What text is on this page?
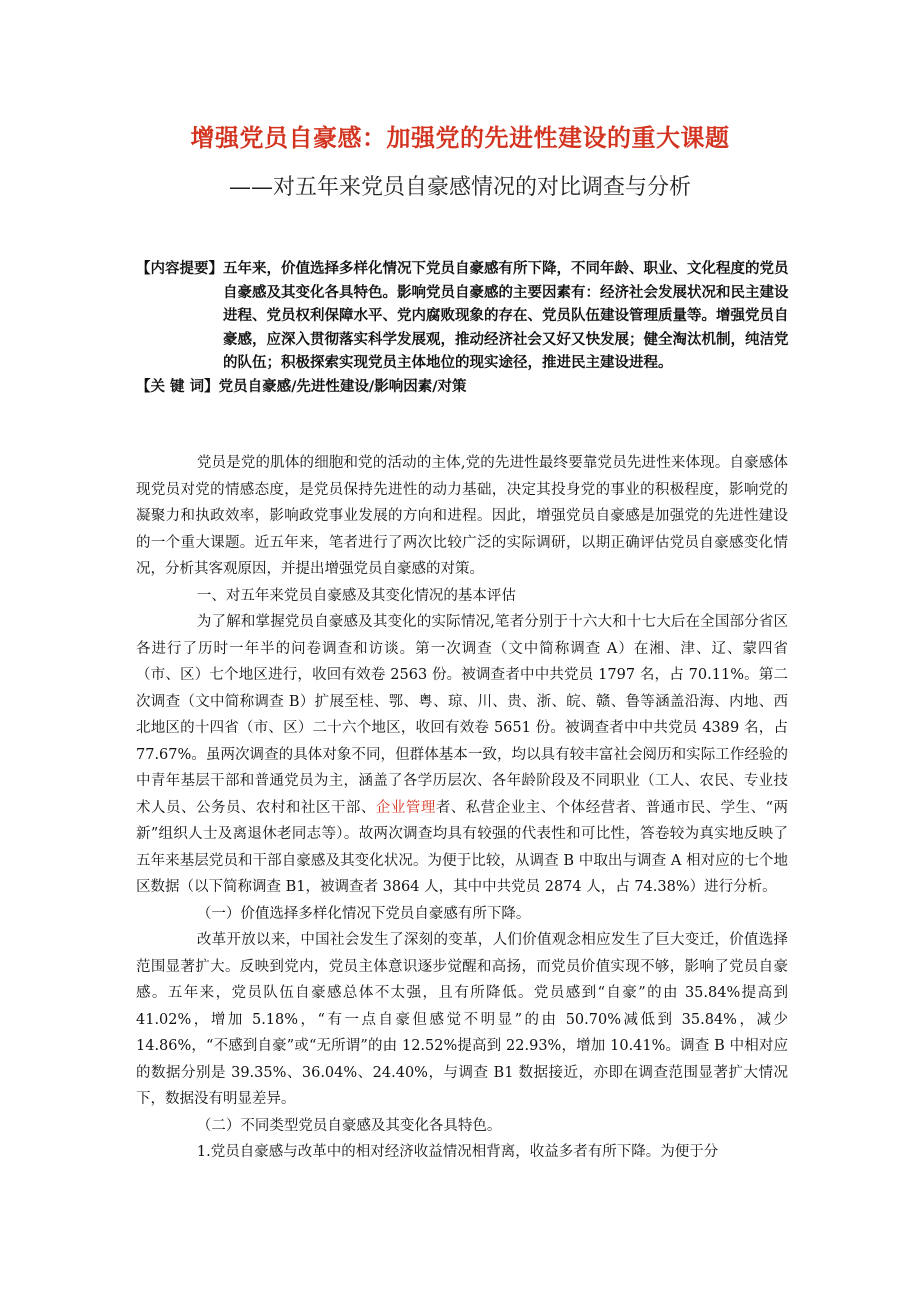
增强党员自豪感：加强党的先进性建设的重大课题
——对五年来党员自豪感情况的对比调查与分析
【内容提要】 五年来，价值选择多样化情况下党员自豪感有所下降，不同年龄、职业、文化程度的党员自豪感及其变化各具特色。影响党员自豪感的主要因素有：经济社会发展状况和民主建设进程、党员权利保障水平、党内腐败现象的存在、党员队伍建设管理质量等。增强党员自豪感，应深入贯彻落实科学发展观，推动经济社会又好又快发展；健全淘汰机制，纯洁党的队伍；积极探索实现党员主体地位的现实途径，推进民主建设进程。
【关 键 词】 党员自豪感/先进性建设/影响因素/对策

党员是党的肌体的细胞和党的活动的主体,党的先进性最终要靠党员先进性来体现。自豪感体现党员对党的情感态度，是党员保持先进性的动力基础，决定其投身党的事业的积极程度，影响党的凝聚力和执政效率，影响政党事业发展的方向和进程。因此，增强党员自豪感是加强党的先进性建设的一个重大课题。近五年来，笔者进行了两次比较广泛的实际调研，以期正确评估党员自豪感变化情况，分析其客观原因，并提出增强党员自豪感的对策。

一、对五年来党员自豪感及其变化情况的基本评估

为了解和掌握党员自豪感及其变化的实际情况,笔者分别于十六大和十七大后在全国部分省区各进行了历时一年半的问卷调查和访谈。第一次调查（文中简称调查 A）在湘、津、辽、蒙四省（市、区）七个地区进行，收回有效卷 2563 份。被调查者中中共党员 1797 名，占 70.11%。第二次调查（文中简称调查 B）扩展至桂、鄂、粤、琼、川、贵、浙、皖、赣、鲁等涵盖沿海、内地、西北地区的十四省（市、区）二十六个地区，收回有效卷 5651 份。被调查者中中共党员 4389 名，占 77.67%。虽两次调查的具体对象不同，但群体基本一致，均以具有较丰富社会阅历和实际工作经验的中青年基层干部和普通党员为主，涵盖了各学历层次、各年龄阶段及不同职业（工人、农民、专业技术人员、公务员、农村和社区干部、企业管理者、私营企业主、个体经营者、普通市民、学生、“两新”组织人士及离退休老同志等）。故两次调查均具有较强的代表性和可比性，答卷较为真实地反映了五年来基层党员和干部自豪感及其变化状况。为便于比较，从调查 B 中取出与调查 A 相对应的七个地区数据（以下简称调查 B1，被调查者 3864 人，其中中共党员 2874 人，占 74.38%）进行分析。

（一）价值选择多样化情况下党员自豪感有所下降。

改革开放以来，中国社会发生了深刻的变革，人们价值观念相应发生了巨大变迁，价值选择范围显著扩大。反映到党内，党员主体意识逐步觉醒和高扬，而党员价值实现不够，影响了党员自豪感。五年来，党员队伍自豪感总体不太强，且有所降低。党员感到“自豪”的由 35.84%提高到 41.02%，增加 5.18%，“有一点自豪但感觉不明显”的由 50.70%减低到 35.84%，减少 14.86%，“不感到自豪”或“无所谓”的由 12.52%提高到 22.93%，增加 10.41%。调查 B 中相对应的数据分别是 39.35%、36.04%、24.40%，与调查 B1 数据接近，亦即在调查范围显著扩大情况下，数据没有明显差异。

（二）不同类型党员自豪感及其变化各具特色。

1.党员自豪感与改革中的相对经济收益情况相背离，收益多者有所下降。为便于分
